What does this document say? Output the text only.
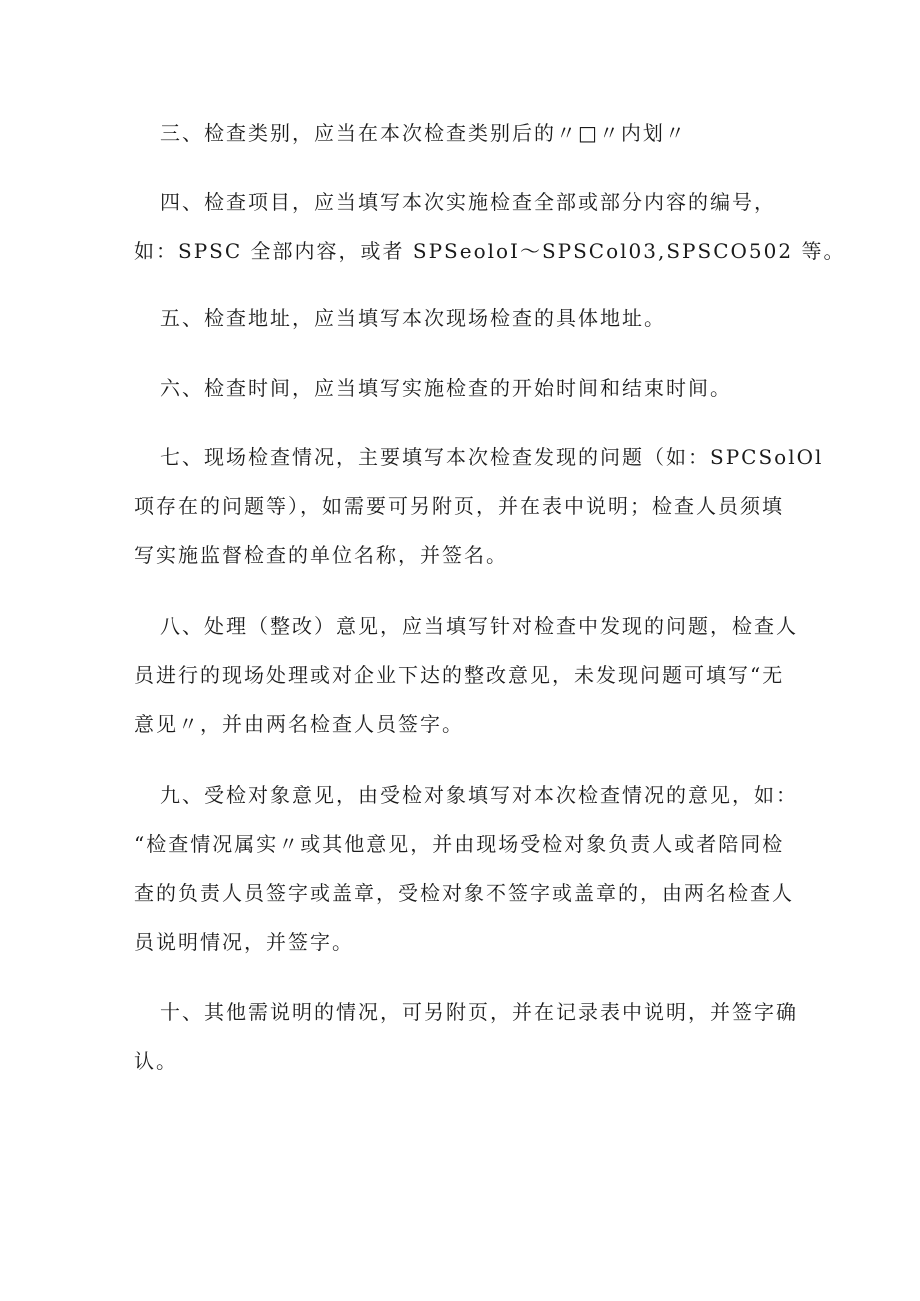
三、检查类别，应当在本次检查类别后的〃□〃内划〃

四、检查项目，应当填写本次实施检查全部或部分内容的编号，
如：SPSC 全部内容，或者 SPSeoloI～SPSCol03,SPSCO502 等。

五、检查地址，应当填写本次现场检查的具体地址。

六、检查时间，应当填写实施检查的开始时间和结束时间。

七、现场检查情况，主要填写本次检查发现的问题（如：SPCSolOl
项存在的问题等），如需要可另附页，并在表中说明；检查人员须填
写实施监督检查的单位名称，并签名。

八、处理（整改）意见，应当填写针对检查中发现的问题，检查人
员进行的现场处理或对企业下达的整改意见，未发现问题可填写“无
意见〃，并由两名检查人员签字。

九、受检对象意见，由受检对象填写对本次检查情况的意见，如：
“检查情况属实〃或其他意见，并由现场受检对象负责人或者陪同检
查的负责人员签字或盖章，受检对象不签字或盖章的，由两名检查人
员说明情况，并签字。

十、其他需说明的情况，可另附页，并在记录表中说明，并签字确
认。
